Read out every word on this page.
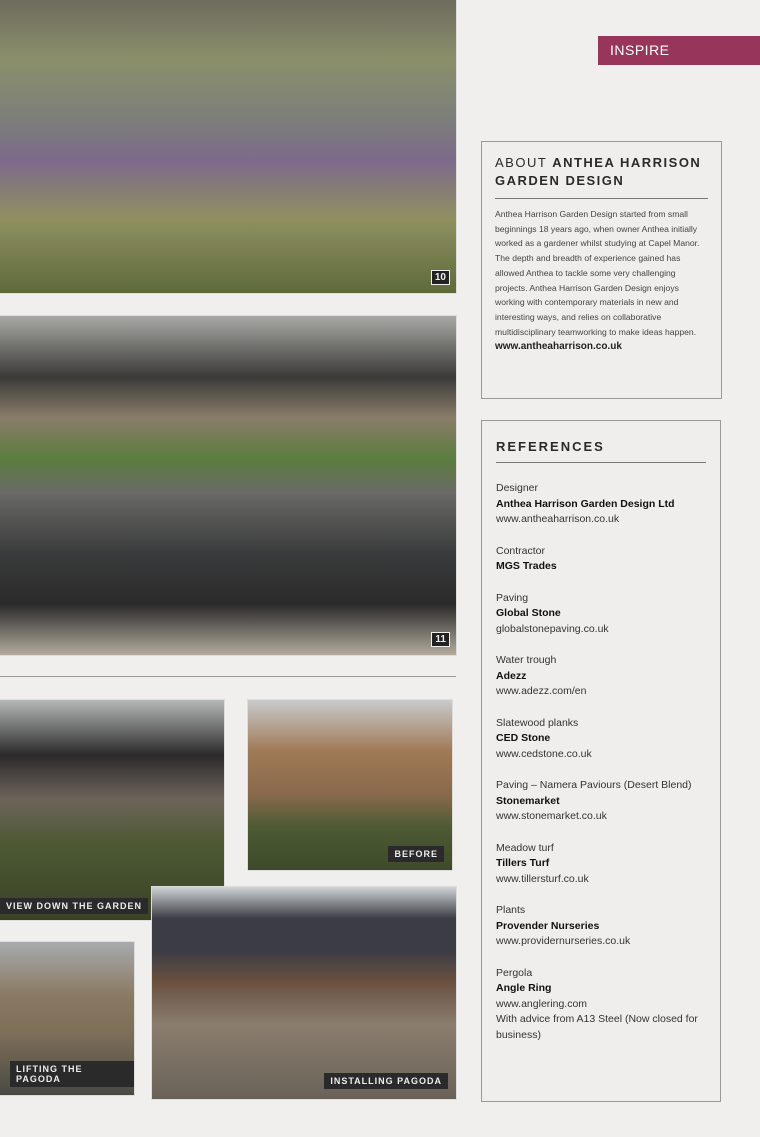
10
11
VIEW DOWN THE GARDEN
BEFORE
LIFTING THE PAGODA	INSTALLING PAGODA
INSPIRE
ABOUT ANTHEA HARRISON GARDEN DESIGN

Anthea Harrison Garden Design started from small beginnings 18 years ago, when owner Anthea initially worked as a gardener whilst studying at Capel Manor. The depth and breadth of experience gained has allowed Anthea to tackle some very challenging projects. Anthea Harrison Garden Design enjoys working with contemporary materials in new and interesting ways, and relies on collaborative multidisciplinary teamworking to make ideas happen.

www.antheaharrison.co.uk
REFERENCES
Designer
Anthea Harrison Garden Design Ltd
www.antheaharrison.co.uk
Contractor
MGS Trades
Paving
Global Stone
globalstonepaving.co.uk
Water trough
Adezz
www.adezz.com/en
Slatewood planks
CED Stone
www.cedstone.co.uk
Paving – Namera Paviours (Desert Blend)
Stonemarket
www.stonemarket.co.uk
Meadow turf
Tillers Turf
www.tillersturf.co.uk
Plants
Provender Nurseries
www.providernurseries.co.uk
Pergola
Angle Ring
www.anglering.com
With advice from A13 Steel (Now closed for business)
